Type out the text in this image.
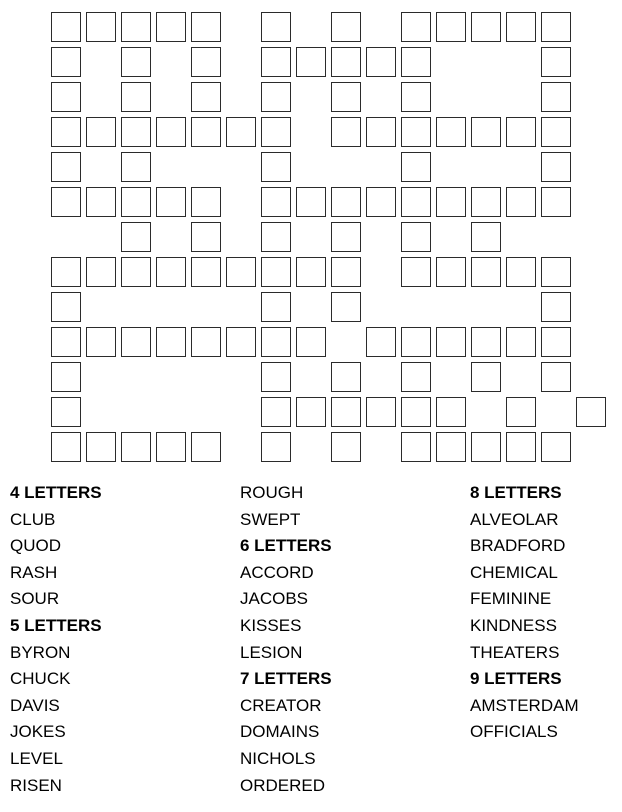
4 LETTERS
CLUB
QUOD
RASH
SOUR
5 LETTERS
BYRON
CHUCK
DAVIS
JOKES
LEVEL
RISEN
ROUGH
SWEPT
6 LETTERS
ACCORD
JACOBS
KISSES
LESION
7 LETTERS
CREATOR
DOMAINS
NICHOLS
ORDERED
8 LETTERS
ALVEOLAR
BRADFORD
CHEMICAL
FEMININE
KINDNESS
THEATERS
9 LETTERS
AMSTERDAM
OFFICIALS
